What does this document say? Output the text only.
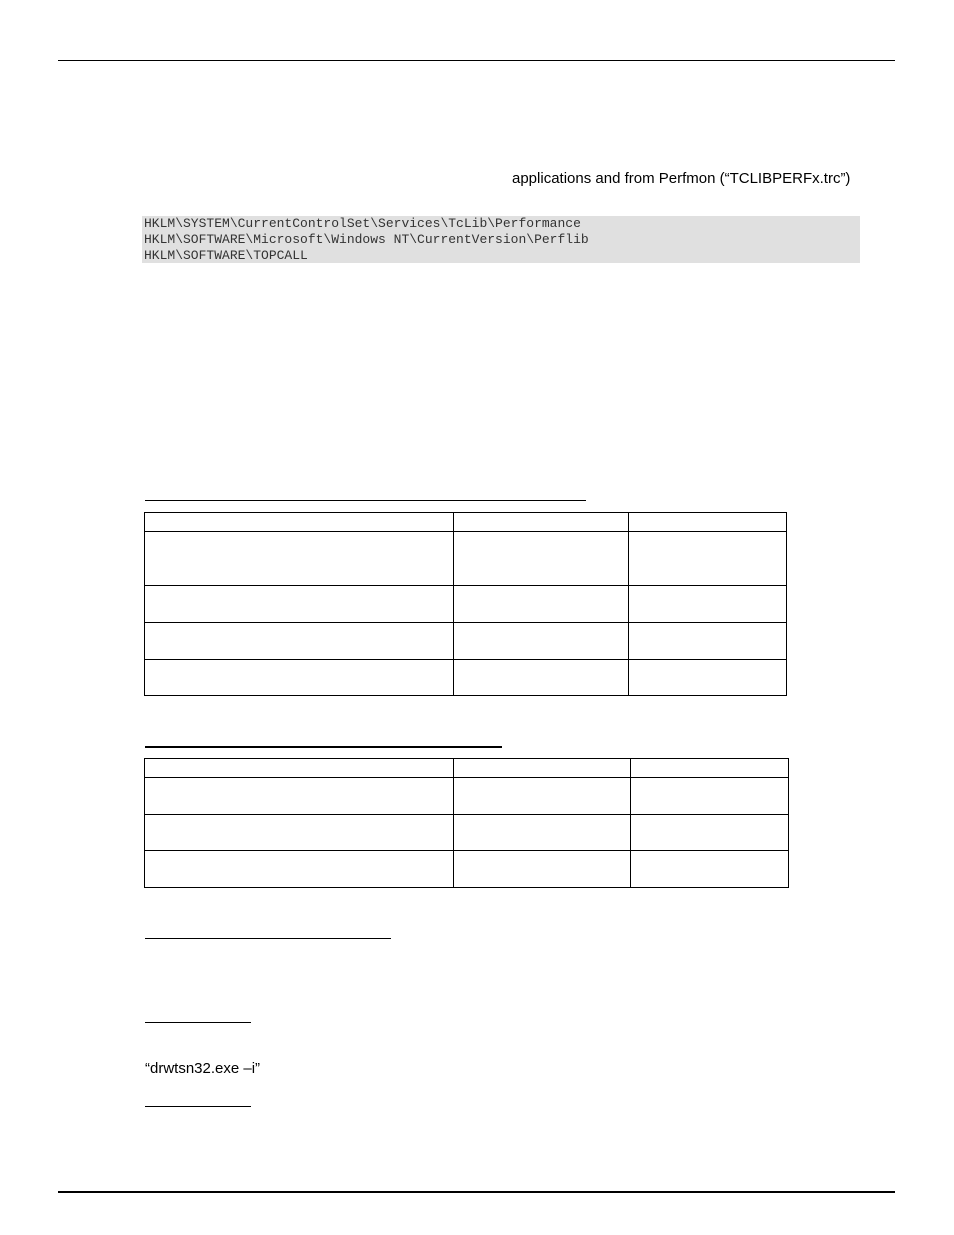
applications and from Perfmon (“TCLIBPERFx.trc”)
HKLM\SYSTEM\CurrentControlSet\Services\TcLib\Performance
HKLM\SOFTWARE\Microsoft\Windows NT\CurrentVersion\Perflib
HKLM\SOFTWARE\TOPCALL

“drwtsn32.exe –i”
